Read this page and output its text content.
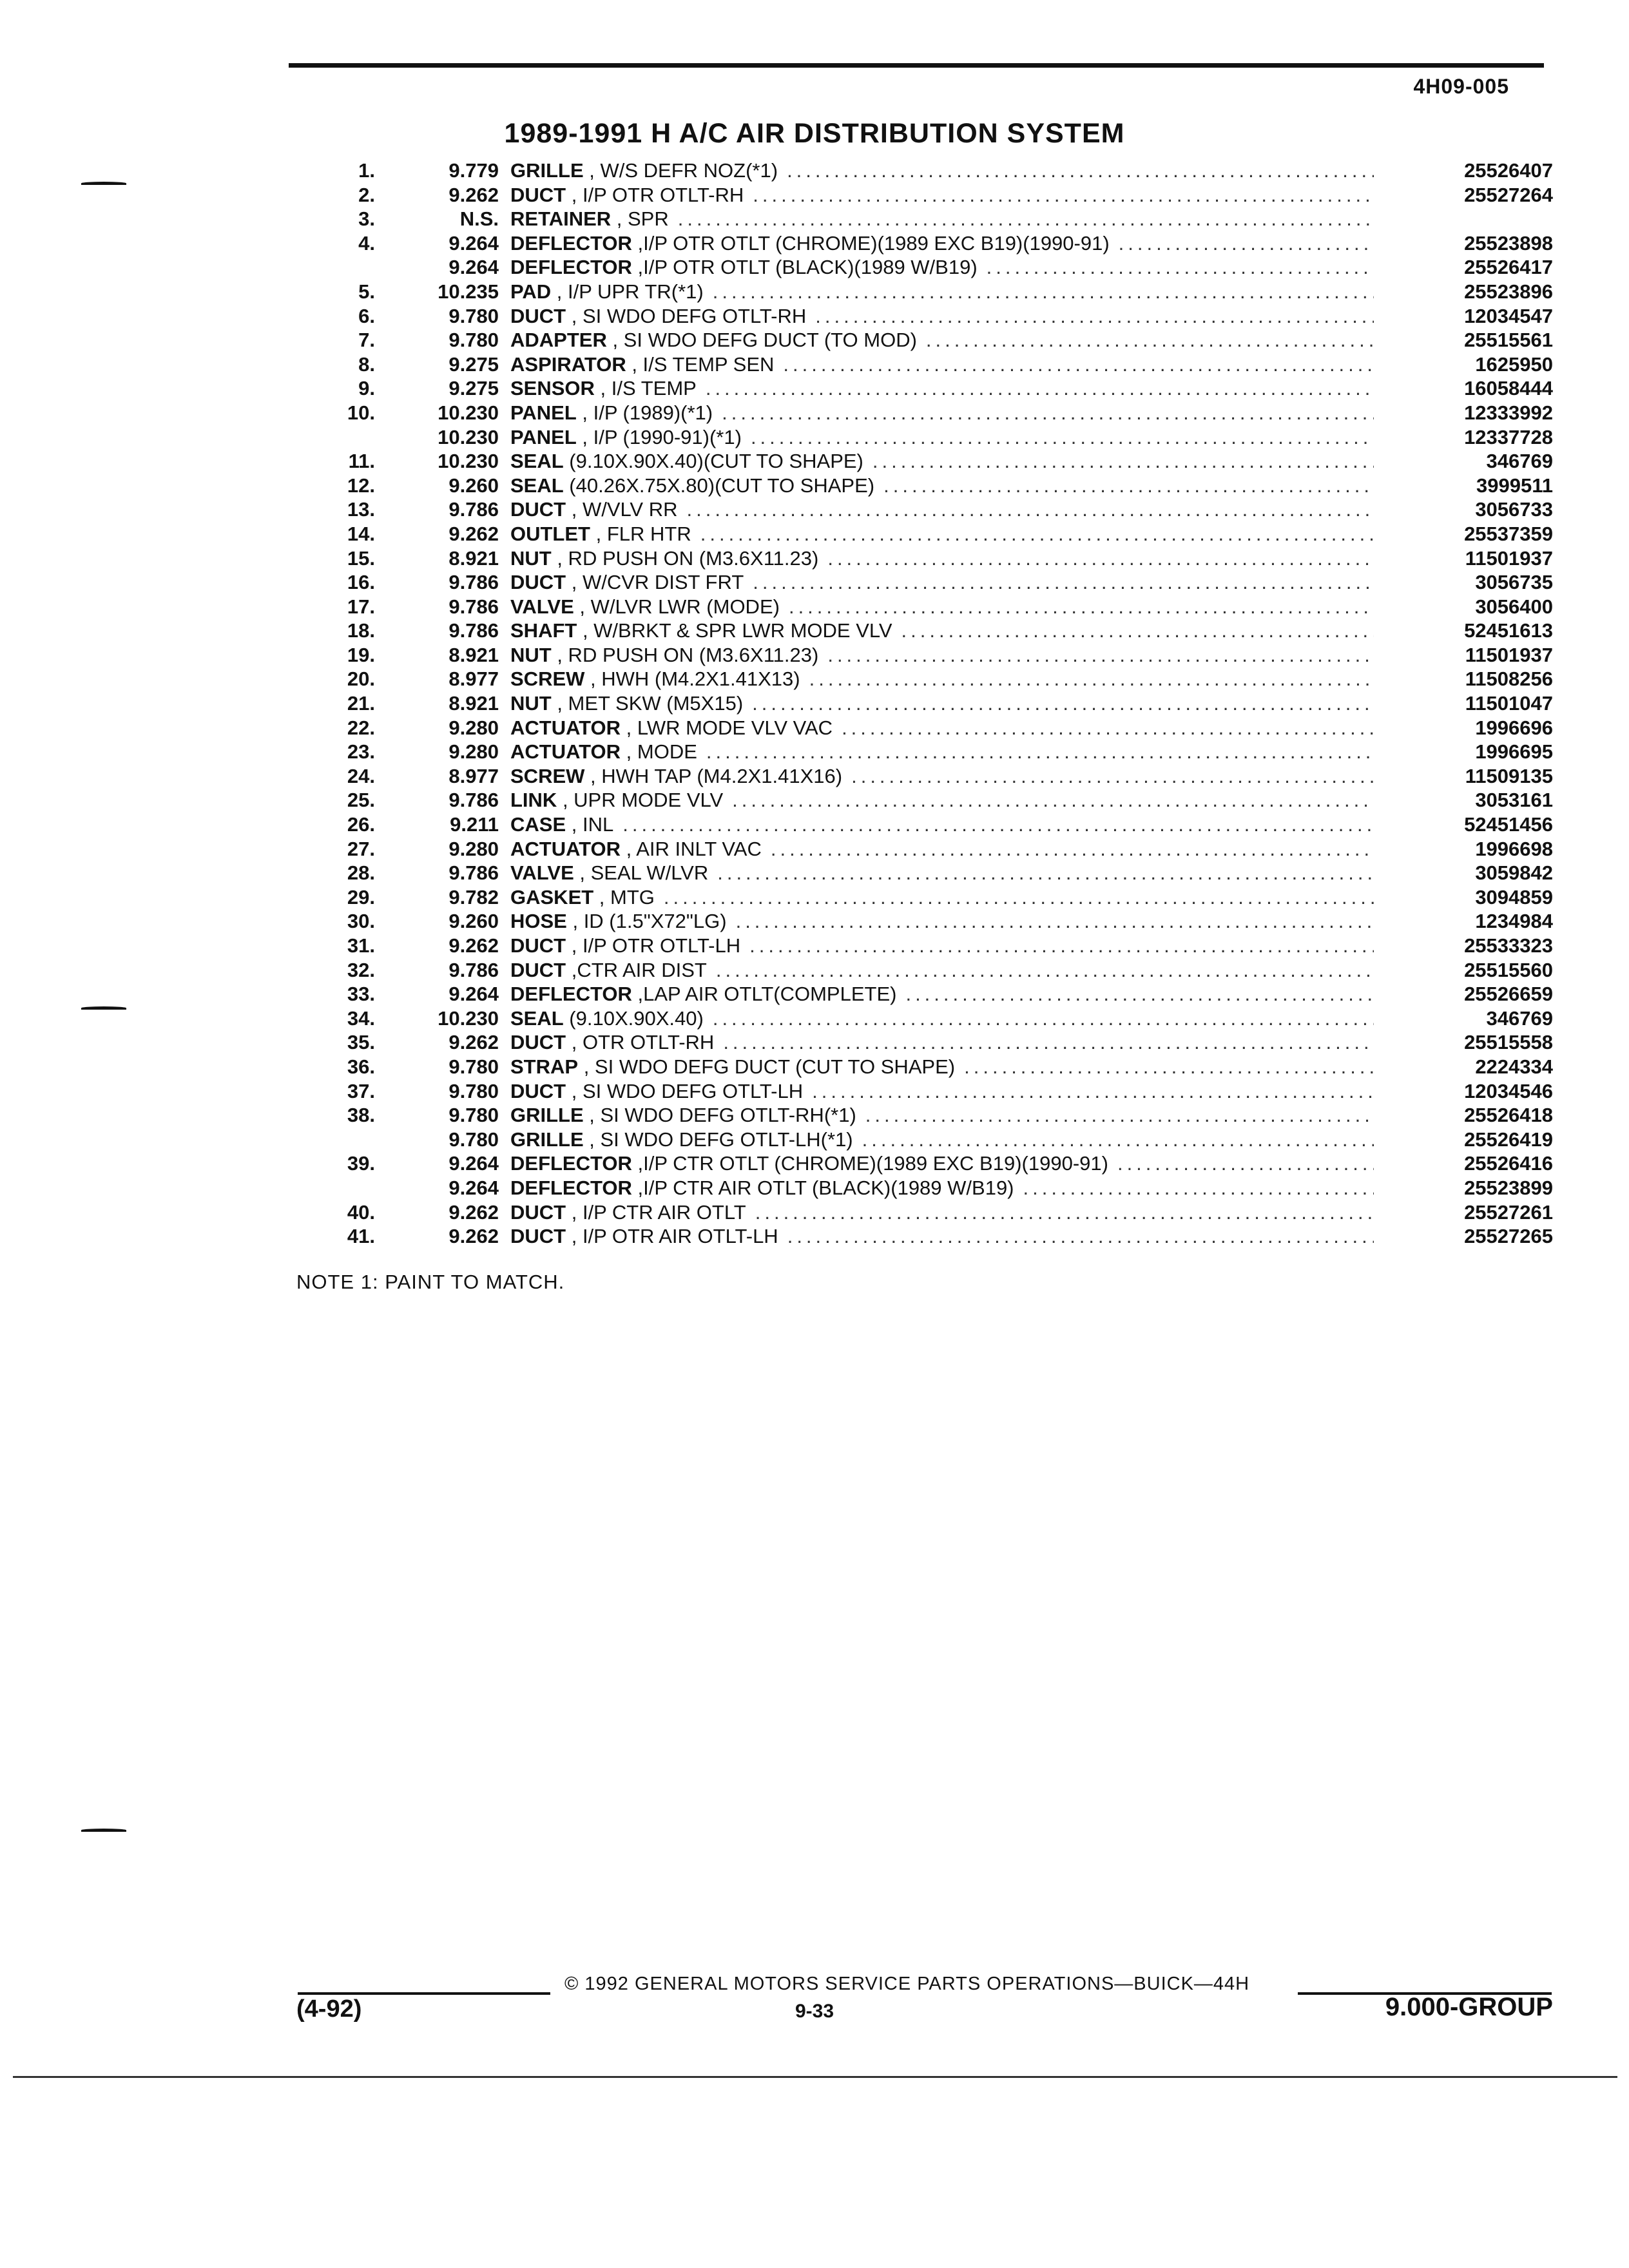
4H09-005
1989-1991 H A/C AIR DISTRIBUTION SYSTEM
1.	9.779 GRILLE , W/S DEFR NOZ(*1) .....	25526407
2.	9.262 DUCT , I/P OTR OTLT-RH .....	25527264
3.	N.S. RETAINER , SPR
.....
4.	9.264 DEFLECTOR ,I/P OTR OTLT (CHROME)(1989 EXC B19)(1990-91) .....	25523898
9.264 DEFLECTOR ,I/P OTR OTLT (BLACK)(1989 W/B19) .....	25526417
5.	10.235 PAD , I/P UPR TR(*1) .....	25523896
6.	9.780 DUCT , SI WDO DEFG OTLT-RH .....	12034547
7.	9.780 ADAPTER , SI WDO DEFG DUCT (TO MOD) .....	25515561
8.	9.275 ASPIRATOR , I/S TEMP SEN .....	1625950
9.	9.275 SENSOR , I/S TEMP .....	16058444
10.	10.230 PANEL , I/P (1989)(*1) .....	12333992
10.230 PANEL , I/P (1990-91)(*1) .....	12337728
11.	10.230 SEAL (9.10X.90X.40)(CUT TO SHAPE) .....	346769
12.	9.260 SEAL (40.26X.75X.80)(CUT TO SHAPE) .....	3999511
13.	9.786 DUCT , W/VLV RR .....	3056733
14.	9.262 OUTLET , FLR HTR .....	25537359
15.	8.921 NUT , RD PUSH ON (M3.6X11.23) .....	11501937
16.	9.786 DUCT , W/CVR DIST FRT .....	3056735
17.	9.786 VALVE , W/LVR LWR (MODE) .....	3056400
18.	9.786 SHAFT , W/BRKT & SPR LWR MODE VLV .....	52451613
19.	8.921 NUT , RD PUSH ON (M3.6X11.23) .....	11501937
20.	8.977 SCREW , HWH (M4.2X1.41X13) .....	11508256
21.	8.921 NUT , MET SKW (M5X15) .....	11501047
22.	9.280 ACTUATOR , LWR MODE VLV VAC .....	1996696
23.	9.280 ACTUATOR , MODE .....	1996695
24.	8.977 SCREW , HWH TAP (M4.2X1.41X16) .....	11509135
25.	9.786 LINK , UPR MODE VLV .....	3053161
26.	9.211 CASE , INL .....	52451456
27.	9.280 ACTUATOR , AIR INLT VAC .....	1996698
28.	9.786 VALVE , SEAL W/LVR .....	3059842
29.	9.782 GASKET , MTG .....	3094859
30.	9.260 HOSE , ID (1.5"X72"LG) .....	1234984
31.	9.262 DUCT , I/P OTR OTLT-LH .....	25533323
32.	9.786 DUCT ,CTR AIR DIST .....	25515560
33.	9.264 DEFLECTOR ,LAP AIR OTLT(COMPLETE) .....	25526659
34.	10.230 SEAL (9.10X.90X.40) .....	346769
35.	9.262 DUCT , OTR OTLT-RH .....	25515558
36.	9.780 STRAP , SI WDO DEFG DUCT (CUT TO SHAPE) .....	2224334
37.	9.780 DUCT , SI WDO DEFG OTLT-LH .....	12034546
38.	9.780 GRILLE , SI WDO DEFG OTLT-RH(*1) .....	25526418
9.780 GRILLE , SI WDO DEFG OTLT-LH(*1) .....	25526419
39.	9.264 DEFLECTOR ,I/P CTR OTLT (CHROME)(1989 EXC B19)(1990-91) .....	25526416
9.264 DEFLECTOR ,I/P CTR AIR OTLT (BLACK)(1989 W/B19) .....	25523899
40.	9.262 DUCT , I/P CTR AIR OTLT .....	25527261
41.	9.262 DUCT , I/P OTR AIR OTLT-LH .....	25527265
NOTE 1: PAINT TO MATCH.
© 1992 GENERAL MOTORS SERVICE PARTS OPERATIONS—BUICK—44H
(4-92)	9-33	9.000-GROUP
